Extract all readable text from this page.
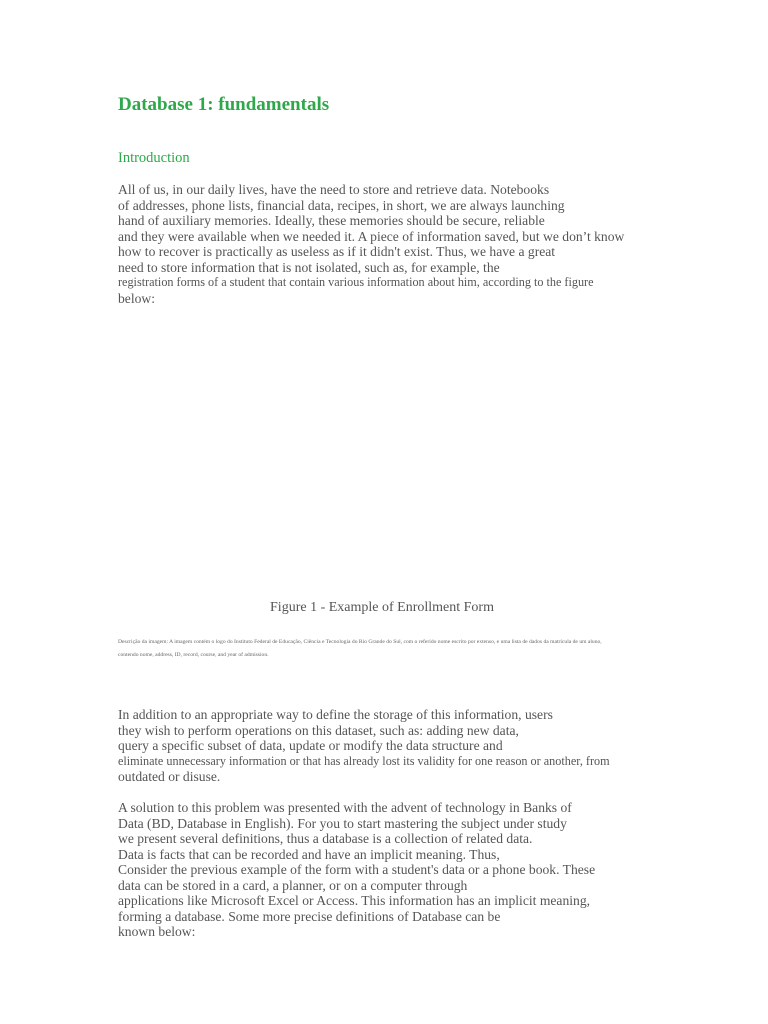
Database 1: fundamentals
Introduction

All of us, in our daily lives, have the need to store and retrieve data. Notebooks
of addresses, phone lists, financial data, recipes, in short, we are always launching
hand of auxiliary memories. Ideally, these memories should be secure, reliable
and they were available when we needed it. A piece of information saved, but we don’t know
how to recover is practically as useless as if it didn't exist. Thus, we have a great
need to store information that is not isolated, such as, for example, the
registration forms of a student that contain various information about him, according to the figure
below:

Figure 1 - Example of Enrollment Form
Descrição da imagem: A imagem contém o logo do Instituto Federal de Educação, Ciência e Tecnologia do Rio Grande do Sul, com o referido nome escrito por extenso, e uma lista de dados da matrícula de um aluno,
contendo nome, address, ID, record, course, and year of admission.

In addition to an appropriate way to define the storage of this information, users
they wish to perform operations on this dataset, such as: adding new data,
query a specific subset of data, update or modify the data structure and
eliminate unnecessary information or that has already lost its validity for one reason or another, from
outdated or disuse.

A solution to this problem was presented with the advent of technology in Banks of
Data (BD, Database in English). For you to start mastering the subject under study
we present several definitions, thus a database is a collection of related data.
Data is facts that can be recorded and have an implicit meaning. Thus,
Consider the previous example of the form with a student's data or a phone book. These
data can be stored in a card, a planner, or on a computer through
applications like Microsoft Excel or Access. This information has an implicit meaning,
forming a database. Some more precise definitions of Database can be
known below:
